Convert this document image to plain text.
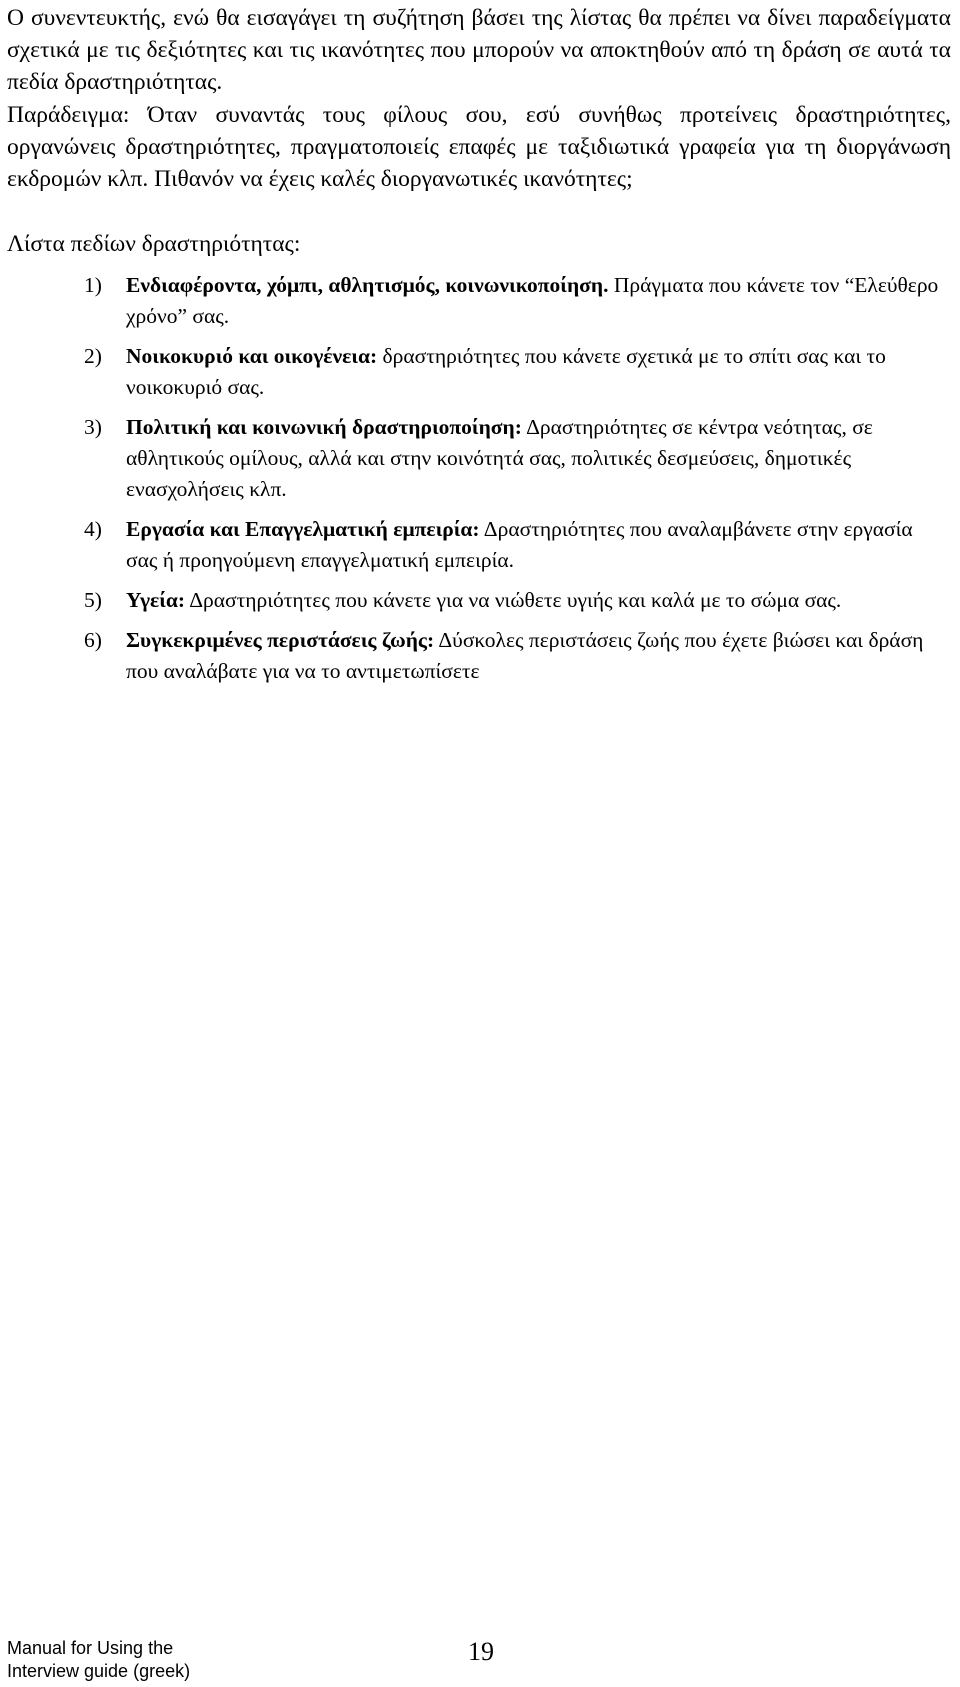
Ο συνεντευκτής, ενώ θα εισαγάγει τη συζήτηση βάσει της λίστας θα πρέπει να δίνει παραδείγματα σχετικά με τις δεξιότητες και τις ικανότητες που μπορούν να αποκτηθούν από τη δράση σε αυτά τα πεδία δραστηριότητας.

Παράδειγμα: Όταν συναντάς τους φίλους σου, εσύ συνήθως προτείνεις δραστηριότητες, οργανώνεις δραστηριότητες, πραγματοποιείς επαφές με ταξιδιωτικά γραφεία για τη διοργάνωση εκδρομών κλπ. Πιθανόν να έχεις καλές διοργανωτικές ικανότητες;

Λίστα πεδίων δραστηριότητας:

1) Ενδιαφέροντα, χόμπι, αθλητισμός, κοινωνικοποίηση. Πράγματα που κάνετε τον “Ελεύθερο χρόνο” σας.
2) Νοικοκυριό και οικογένεια: δραστηριότητες που κάνετε σχετικά με το σπίτι σας και το νοικοκυριό σας.
3) Πολιτική και κοινωνική δραστηριοποίηση: Δραστηριότητες σε κέντρα νεότητας, σε αθλητικούς ομίλους, αλλά και στην κοινότητά σας, πολιτικές δεσμεύσεις, δημοτικές ενασχολήσεις κλπ.
4) Εργασία και Επαγγελματική εμπειρία: Δραστηριότητες που αναλαμβάνετε στην εργασία σας ή προηγούμενη επαγγελματική εμπειρία.
5) Υγεία: Δραστηριότητες που κάνετε για να νιώθετε υγιής και καλά με το σώμα σας.
6) Συγκεκριμένες περιστάσεις ζωής: Δύσκολες περιστάσεις ζωής που έχετε βιώσει και δράση που αναλάβατε για να το αντιμετωπίσετε
Manual for Using the
Interview guide (greek)
19
